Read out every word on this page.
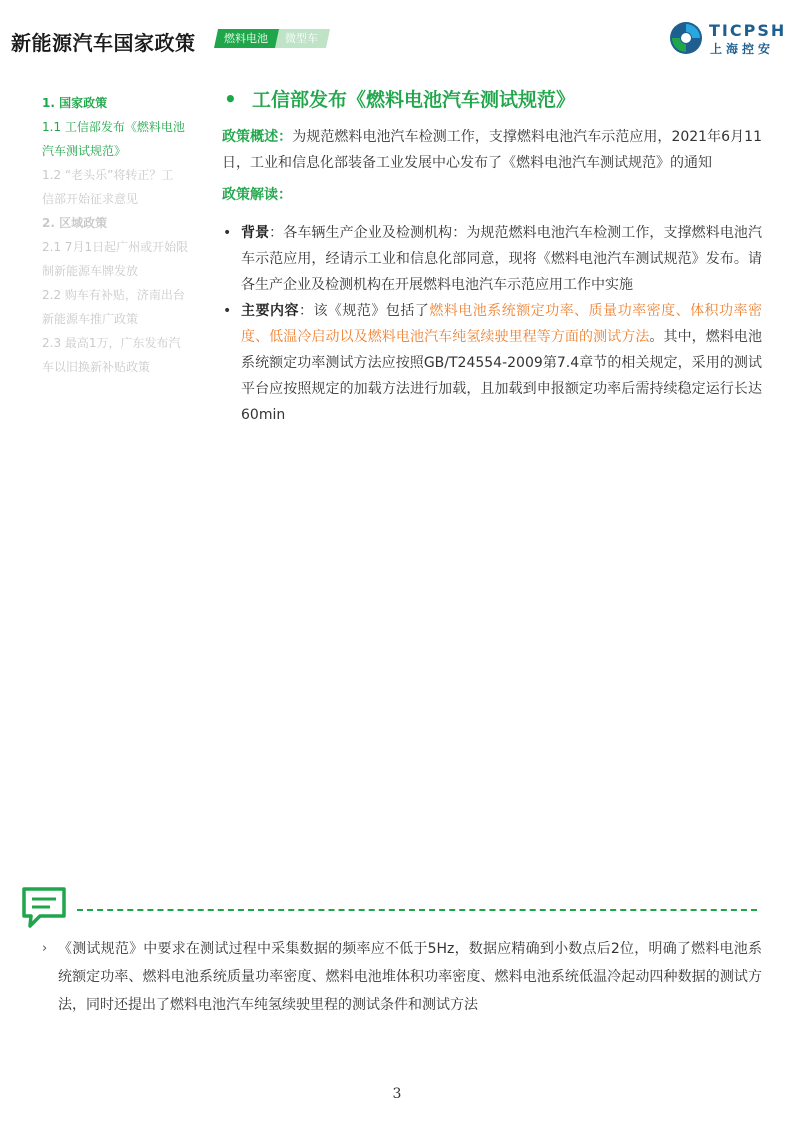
新能源汽车国家政策	燃料电池	微型车	TICPSH
上海控安
1. 国家政策
1.1 工信部发布《燃料电池
汽车测试规范》
1.2 “老头乐”将转正？工
信部开始征求意见
2. 区域政策
2.1 7月1日起广州或开始限
制新能源车牌发放
2.2 购车有补贴，济南出台
新能源车推广政策
2.3 最高1万，广东发布汽
车以旧换新补贴政策
• 工信部发布《燃料电池汽车测试规范》

政策概述：为规范燃料电池汽车检测工作，支撑燃料电池汽车示范应用，2021年6月11日，工业和信息化部装备工业发展中心发布了《燃料电池汽车测试规范》的通知

政策解读：
• 背景：各车辆生产企业及检测机构：为规范燃料电池汽车检测工作，支撑燃料电池汽车示范应用，经请示工业和信息化部同意，现将《燃料电池汽车测试规范》发布。请各生产企业及检测机构在开展燃料电池汽车示范应用工作中实施
• 主要内容：该《规范》包括了燃料电池系统额定功率、质量功率密度、体积功率密度、低温冷启动以及燃料电池汽车纯氢续驶里程等方面的测试方法。其中，燃料电池系统额定功率测试方法应按照GB/T24554-2009第7.4章节的相关规定，采用的测试平台应按照规定的加载方法进行加载，且加载到申报额定功率后需持续稳定运行长达60min
› 《测试规范》中要求在测试过程中采集数据的频率应不低于5Hz，数据应精确到小数点后2位，明确了燃料电池系统额定功率、燃料电池系统质量功率密度、燃料电池堆体积功率密度、燃料电池系统低温冷起动四种数据的测试方法，同时还提出了燃料电池汽车纯氢续驶里程的测试条件和测试方法
3
